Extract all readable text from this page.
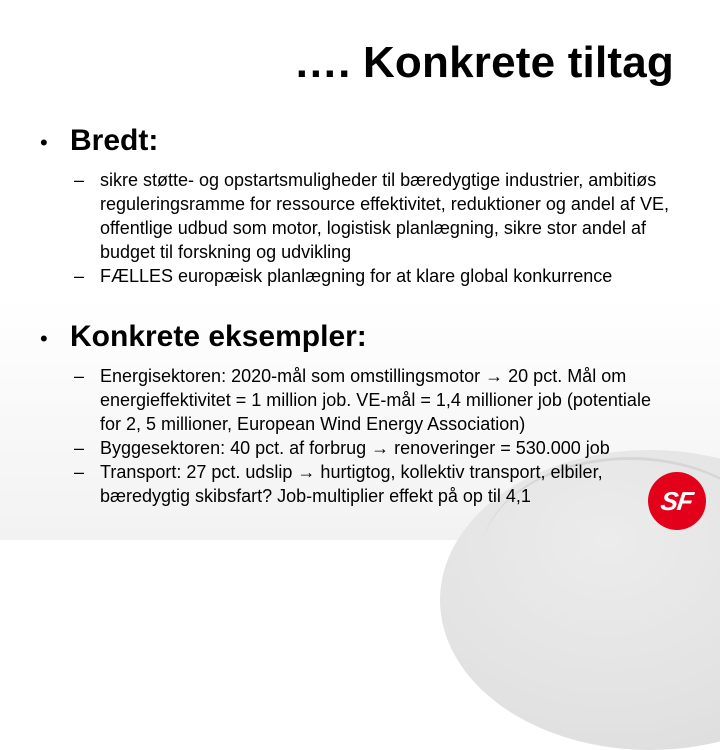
…. Konkrete tiltag
• Bredt:
– sikre støtte- og opstartsmuligheder til bæredygtige industrier, ambitiøs reguleringsramme for ressource effektivitet, reduktioner og andel af VE, offentlige udbud som motor, logistisk planlægning, sikre stor andel af budget til forskning og udvikling
– FÆLLES europæisk planlægning for at klare global konkurrence
• Konkrete eksempler:
– Energisektoren: 2020-mål som omstillingsmotor → 20 pct. Mål om energieffektivitet = 1 million job. VE-mål = 1,4 millioner job (potentiale for 2, 5 millioner, European Wind Energy Association)
– Byggesektoren: 40 pct. af forbrug → renoveringer = 530.000 job
– Transport: 27 pct. udslip → hurtigtog, kollektiv transport, elbiler, bæredygtig skibsfart? Job-multiplier effekt på op til 4,1	SF
